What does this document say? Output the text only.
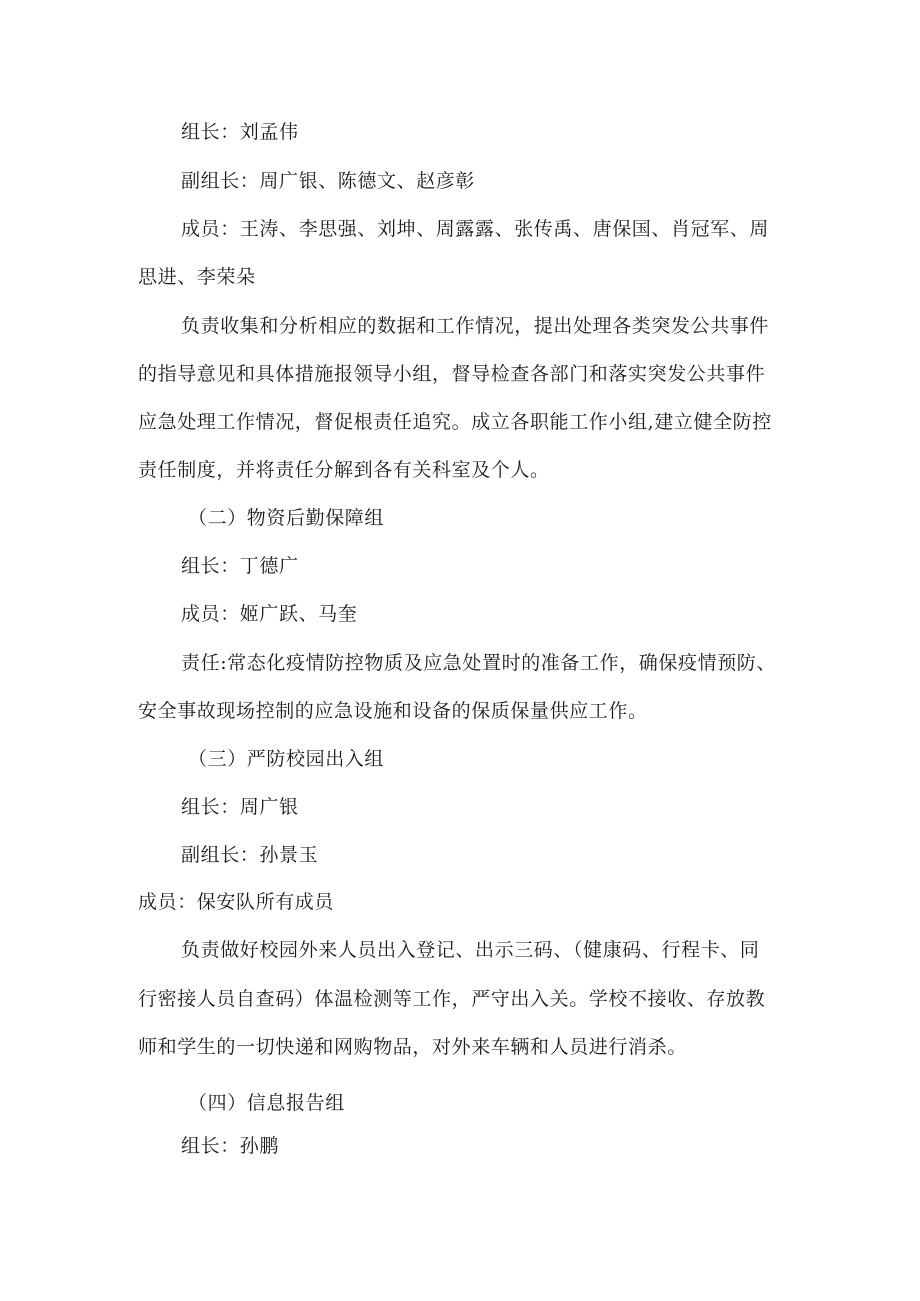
组长：刘孟伟
副组长：周广银、陈德文、赵彦彰
成员：王涛、李思强、刘坤、周露露、张传禹、唐保国、肖冠军、周
思进、李荣朵
负责收集和分析相应的数据和工作情况，提出处理各类突发公共事件
的指导意见和具体措施报领导小组，督导检查各部门和落实突发公共事件
应急处理工作情况，督促根责任追究。成立各职能工作小组,建立健全防控
责任制度，并将责任分解到各有关科室及个人。
（二）物资后勤保障组
组长：丁德广
成员：姬广跃、马奎
责任:常态化疫情防控物质及应急处置时的准备工作，确保疫情预防、
安全事故现场控制的应急设施和设备的保质保量供应工作。
（三）严防校园出入组
组长：周广银
副组长：孙景玉
成员：保安队所有成员
负责做好校园外来人员出入登记、出示三码、（健康码、行程卡、同
行密接人员自查码）体温检测等工作，严守出入关。学校不接收、存放教
师和学生的一切快递和网购物品，对外来车辆和人员进行消杀。
（四）信息报告组
组长：孙鹏
